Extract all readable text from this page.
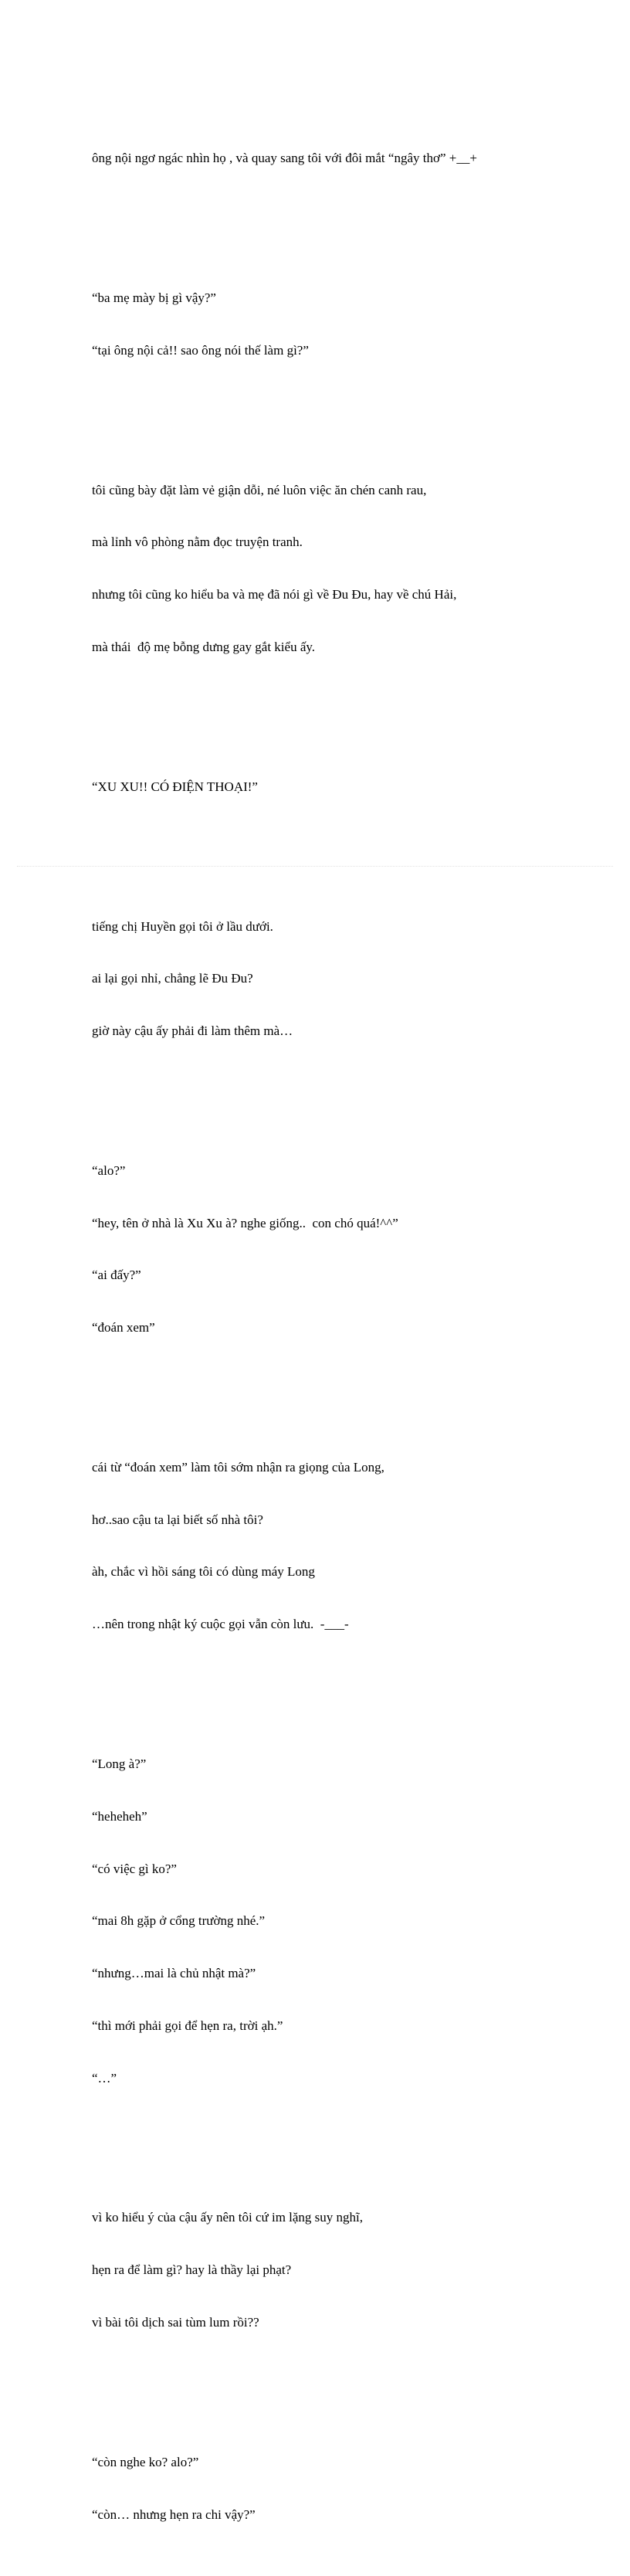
ông nội ngơ ngác nhìn họ , và quay sang tôi với đôi mắt “ngây thơ” +__+

“ba mẹ mày bị gì vậy?”

“tại ông nội cả!! sao ông nói thế làm gì?”

tôi cũng bày đặt làm vẻ giận dỗi, né luôn việc ăn chén canh rau,

mà lỉnh vô phòng nằm đọc truyện tranh.

nhưng tôi cũng ko hiểu ba và mẹ đã nói gì về Đu Đu, hay về chú Hải,

mà thái  độ mẹ bỗng dưng gay gắt kiểu ấy.

“XU XU!! CÓ ĐIỆN THOẠI!”

tiếng chị Huyền gọi tôi ở lầu dưới.

ai lại gọi nhỉ, chẳng lẽ Đu Đu?

giờ này cậu ấy phải đi làm thêm mà…

“alo?”

“hey, tên ở nhà là Xu Xu à? nghe giống..  con chó quá!^^”

“ai đấy?”

“đoán xem”

cái từ “đoán xem” làm tôi sớm nhận ra giọng của Long,

hơ..sao cậu ta lại biết số nhà tôi?

àh, chắc vì hồi sáng tôi có dùng máy Long

…nên trong nhật ký cuộc gọi vẫn còn lưu.  -___-

“Long à?”

“heheheh”

“có việc gì ko?”

“mai 8h gặp ở cổng trường nhé.”

“nhưng…mai là chủ nhật mà?”

“thì mới phải gọi để hẹn ra, trời ạh.”

“…”

vì ko hiểu ý của cậu ấy nên tôi cứ im lặng suy nghĩ,

hẹn ra để làm gì? hay là thầy lại phạt?

vì bài tôi dịch sai tùm lum rồi??

“còn nghe ko? alo?”

“còn… nhưng hẹn ra chi vậy?”
